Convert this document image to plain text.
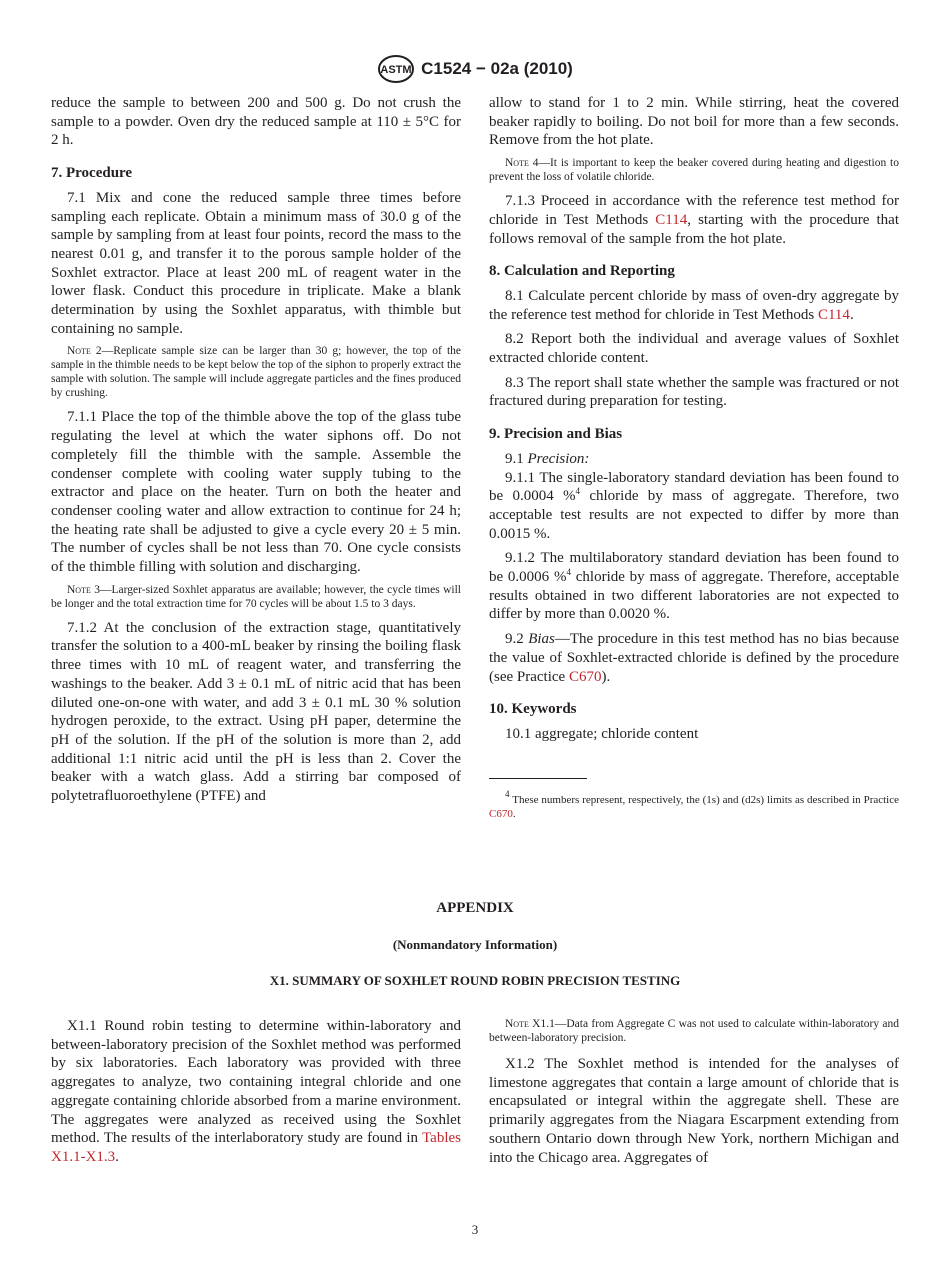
ASTM C1524 − 02a (2010)

reduce the sample to between 200 and 500 g. Do not crush the sample to a powder. Oven dry the reduced sample at 110 ± 5°C for 2 h.

7. Procedure

7.1 Mix and cone the reduced sample three times before sampling each replicate. Obtain a minimum mass of 30.0 g of the sample by sampling from at least four points, record the mass to the nearest 0.01 g, and transfer it to the porous sample holder of the Soxhlet extractor. Place at least 200 mL of reagent water in the lower flask. Conduct this procedure in triplicate. Make a blank determination by using the Soxhlet apparatus, with thimble but containing no sample.

Note 2—Replicate sample size can be larger than 30 g; however, the top of the sample in the thimble needs to be kept below the top of the siphon to properly extract the sample with solution. The sample will include aggregate particles and the fines produced by crushing.

7.1.1 Place the top of the thimble above the top of the glass tube regulating the level at which the water siphons off. Do not completely fill the thimble with the sample. Assemble the condenser complete with cooling water supply tubing to the extractor and place on the heater. Turn on both the heater and condenser cooling water and allow extraction to continue for 24 h; the heating rate shall be adjusted to give a cycle every 20 ± 5 min. The number of cycles shall be not less than 70. One cycle consists of the thimble filling with solution and discharging.

Note 3—Larger-sized Soxhlet apparatus are available; however, the cycle times will be longer and the total extraction time for 70 cycles will be about 1.5 to 3 days.

7.1.2 At the conclusion of the extraction stage, quantitatively transfer the solution to a 400-mL beaker by rinsing the boiling flask three times with 10 mL of reagent water, and transferring the washings to the beaker. Add 3 ± 0.1 mL of nitric acid that has been diluted one-on-one with water, and add 3 ± 0.1 mL 30 % solution hydrogen peroxide, to the extract. Using pH paper, determine the pH of the solution. If the pH of the solution is more than 2, add additional 1:1 nitric acid until the pH is less than 2. Cover the beaker with a watch glass. Add a stirring bar composed of polytetrafluoroethylene (PTFE) and

allow to stand for 1 to 2 min. While stirring, heat the covered beaker rapidly to boiling. Do not boil for more than a few seconds. Remove from the hot plate.

Note 4—It is important to keep the beaker covered during heating and digestion to prevent the loss of volatile chloride.

7.1.3 Proceed in accordance with the reference test method for chloride in Test Methods C114, starting with the procedure that follows removal of the sample from the hot plate.

8. Calculation and Reporting

8.1 Calculate percent chloride by mass of oven-dry aggregate by the reference test method for chloride in Test Methods C114.

8.2 Report both the individual and average values of Soxhlet extracted chloride content.

8.3 The report shall state whether the sample was fractured or not fractured during preparation for testing.

9. Precision and Bias

9.1 Precision:

9.1.1 The single-laboratory standard deviation has been found to be 0.0004 %$^4$ chloride by mass of aggregate. Therefore, two acceptable test results are not expected to differ by more than 0.0015 %.

9.1.2 The multilaboratory standard deviation has been found to be 0.0006 %$^4$ chloride by mass of aggregate. Therefore, acceptable results obtained in two different laboratories are not expected to differ by more than 0.0020 %.

9.2 Bias—The procedure in this test method has no bias because the value of Soxhlet-extracted chloride is defined by the procedure (see Practice C670).

10. Keywords

10.1 aggregate; chloride content

$^4$ These numbers represent, respectively, the (1s) and (d2s) limits as described in Practice C670.
APPENDIX
(Nonmandatory Information)
X1. SUMMARY OF SOXHLET ROUND ROBIN PRECISION TESTING

X1.1 Round robin testing to determine within-laboratory and between-laboratory precision of the Soxhlet method was performed by six laboratories. Each laboratory was provided with three aggregates to analyze, two containing integral chloride and one aggregate containing chloride absorbed from a marine environment. The aggregates were analyzed as received using the Soxhlet method. The results of the interlaboratory study are found in Tables X1.1-X1.3.

Note X1.1—Data from Aggregate C was not used to calculate within-laboratory and between-laboratory precision.

X1.2 The Soxhlet method is intended for the analyses of limestone aggregates that contain a large amount of chloride that is encapsulated or integral within the aggregate shell. These are primarily aggregates from the Niagara Escarpment extending from southern Ontario down through New York, northern Michigan and into the Chicago area. Aggregates of

3
